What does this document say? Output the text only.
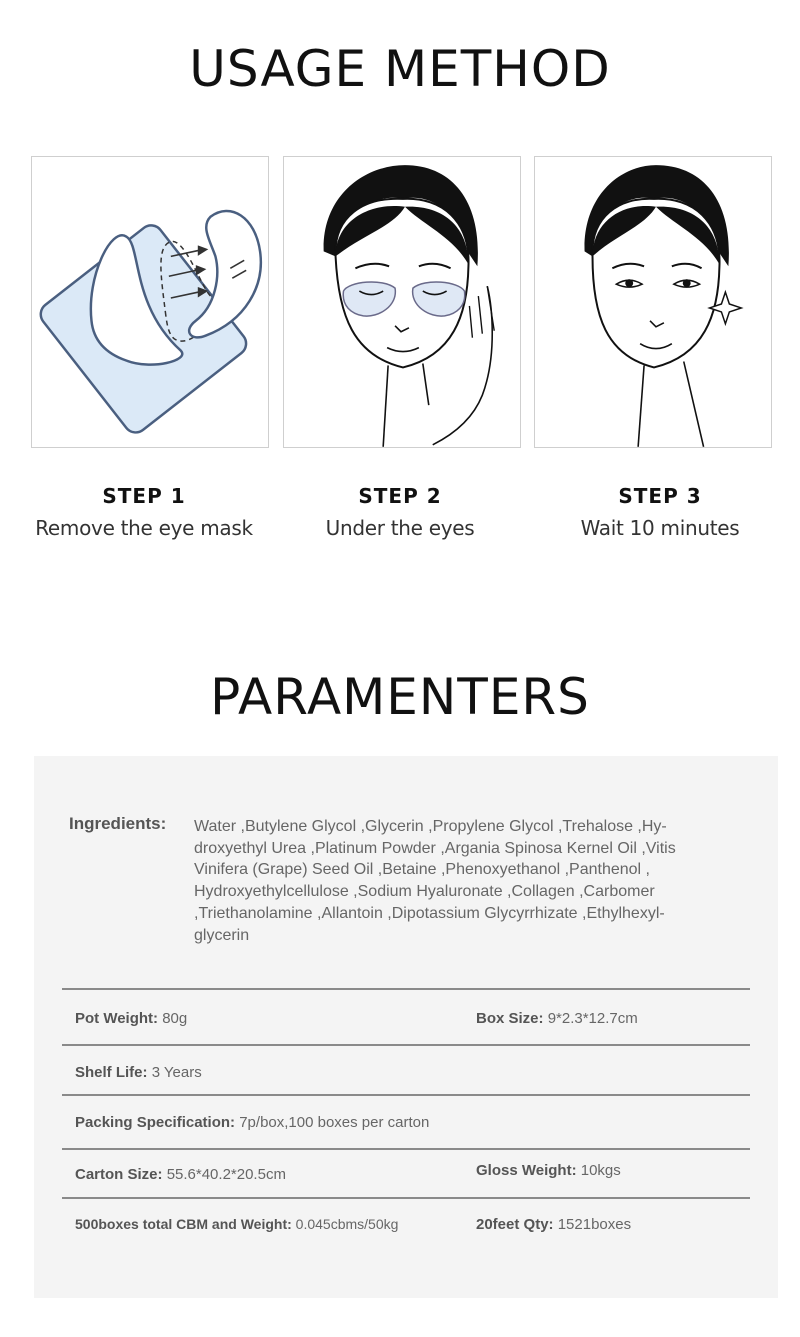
USAGE METHOD
STEP 1
Remove the eye mask
STEP 2
Under the eyes
STEP 3
Wait 10 minutes
PARAMENTERS
Ingredients: Water ,Butylene Glycol ,Glycerin ,Propylene Glycol ,Trehalose ,Hy-
droxyethyl Urea ,Platinum Powder ,Argania Spinosa Kernel Oil ,Vitis
Vinifera (Grape) Seed Oil ,Betaine ,Phenoxyethanol ,Panthenol ,
Hydroxyethylcellulose ,Sodium Hyaluronate ,Collagen ,Carbomer
,Triethanolamine ,Allantoin ,Dipotassium Glycyrrhizate ,Ethylhexyl-
glycerin
Pot Weight: 80g	Box Size: 9*2.3*12.7cm
Shelf Life: 3 Years
Packing Specification: 7p/box,100 boxes per carton
Carton Size: 55.6*40.2*20.5cm	Gloss Weight: 10kgs
500boxes total CBM and Weight: 0.045cbms/50kg	20feet Qty: 1521boxes
